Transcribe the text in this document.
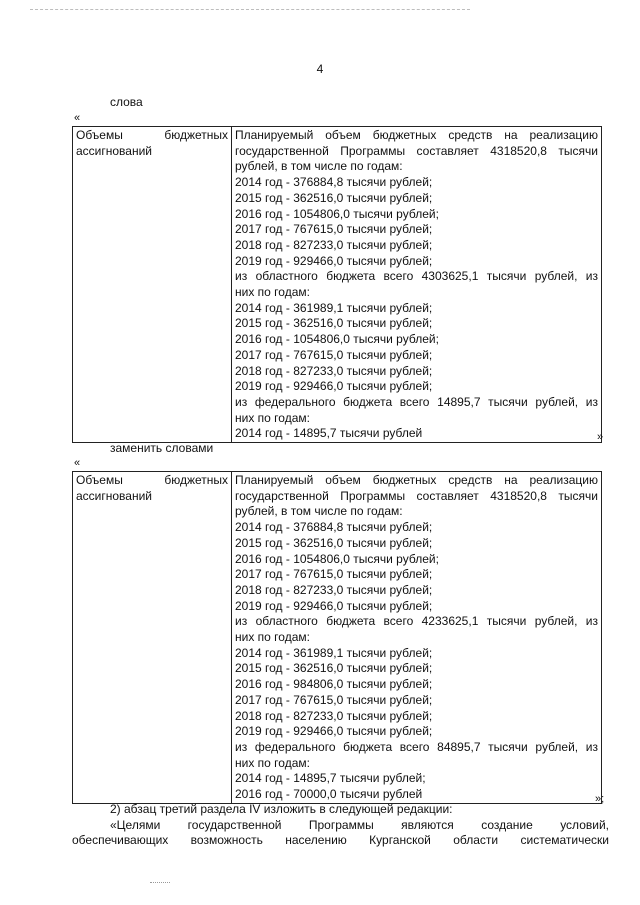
4
слова
«
Объемы	бюджетных
ассигнований

Планируемый объем бюджетных средств на реализацию
государственной Программы составляет 4318520,8 тысячи
рублей, в том числе по годам:
2014 год - 376884,8 тысячи рублей;
2015 год - 362516,0 тысячи рублей;
2016 год - 1054806,0 тысячи рублей;
2017 год - 767615,0 тысячи рублей;
2018 год - 827233,0 тысячи рублей;
2019 год - 929466,0 тысячи рублей;
из областного бюджета всего 4303625,1 тысячи рублей, из
них по годам:
2014 год - 361989,1 тысячи рублей;
2015 год - 362516,0 тысячи рублей;
2016 год - 1054806,0 тысячи рублей;
2017 год - 767615,0 тысячи рублей;
2018 год - 827233,0 тысячи рублей;
2019 год - 929466,0 тысячи рублей;
из федерального бюджета всего 14895,7 тысячи рублей, из
них по годам:
2014 год - 14895,7 тысячи рублей	»
заменить словами
«
Объемы	бюджетных
ассигнований

Планируемый объем бюджетных средств на реализацию
государственной Программы составляет 4318520,8 тысячи
рублей, в том числе по годам:
2014 год - 376884,8 тысячи рублей;
2015 год - 362516,0 тысячи рублей;
2016 год - 1054806,0 тысячи рублей;
2017 год - 767615,0 тысячи рублей;
2018 год - 827233,0 тысячи рублей;
2019 год - 929466,0 тысячи рублей;
из областного бюджета всего 4233625,1 тысячи рублей, из
них по годам:
2014 год - 361989,1 тысячи рублей;
2015 год - 362516,0 тысячи рублей;
2016 год - 984806,0 тысячи рублей;
2017 год - 767615,0 тысячи рублей;
2018 год - 827233,0 тысячи рублей;
2019 год - 929466,0 тысячи рублей;
из федерального бюджета всего 84895,7 тысячи рублей, из
них по годам:
2014 год - 14895,7 тысячи рублей;
2016 год - 70000,0 тысячи рублей	»;
2) абзац третий раздела IV изложить в следующей редакции:
«Целями государственной Программы являются создание условий,
обеспечивающих возможность населению Курганской области систематически
